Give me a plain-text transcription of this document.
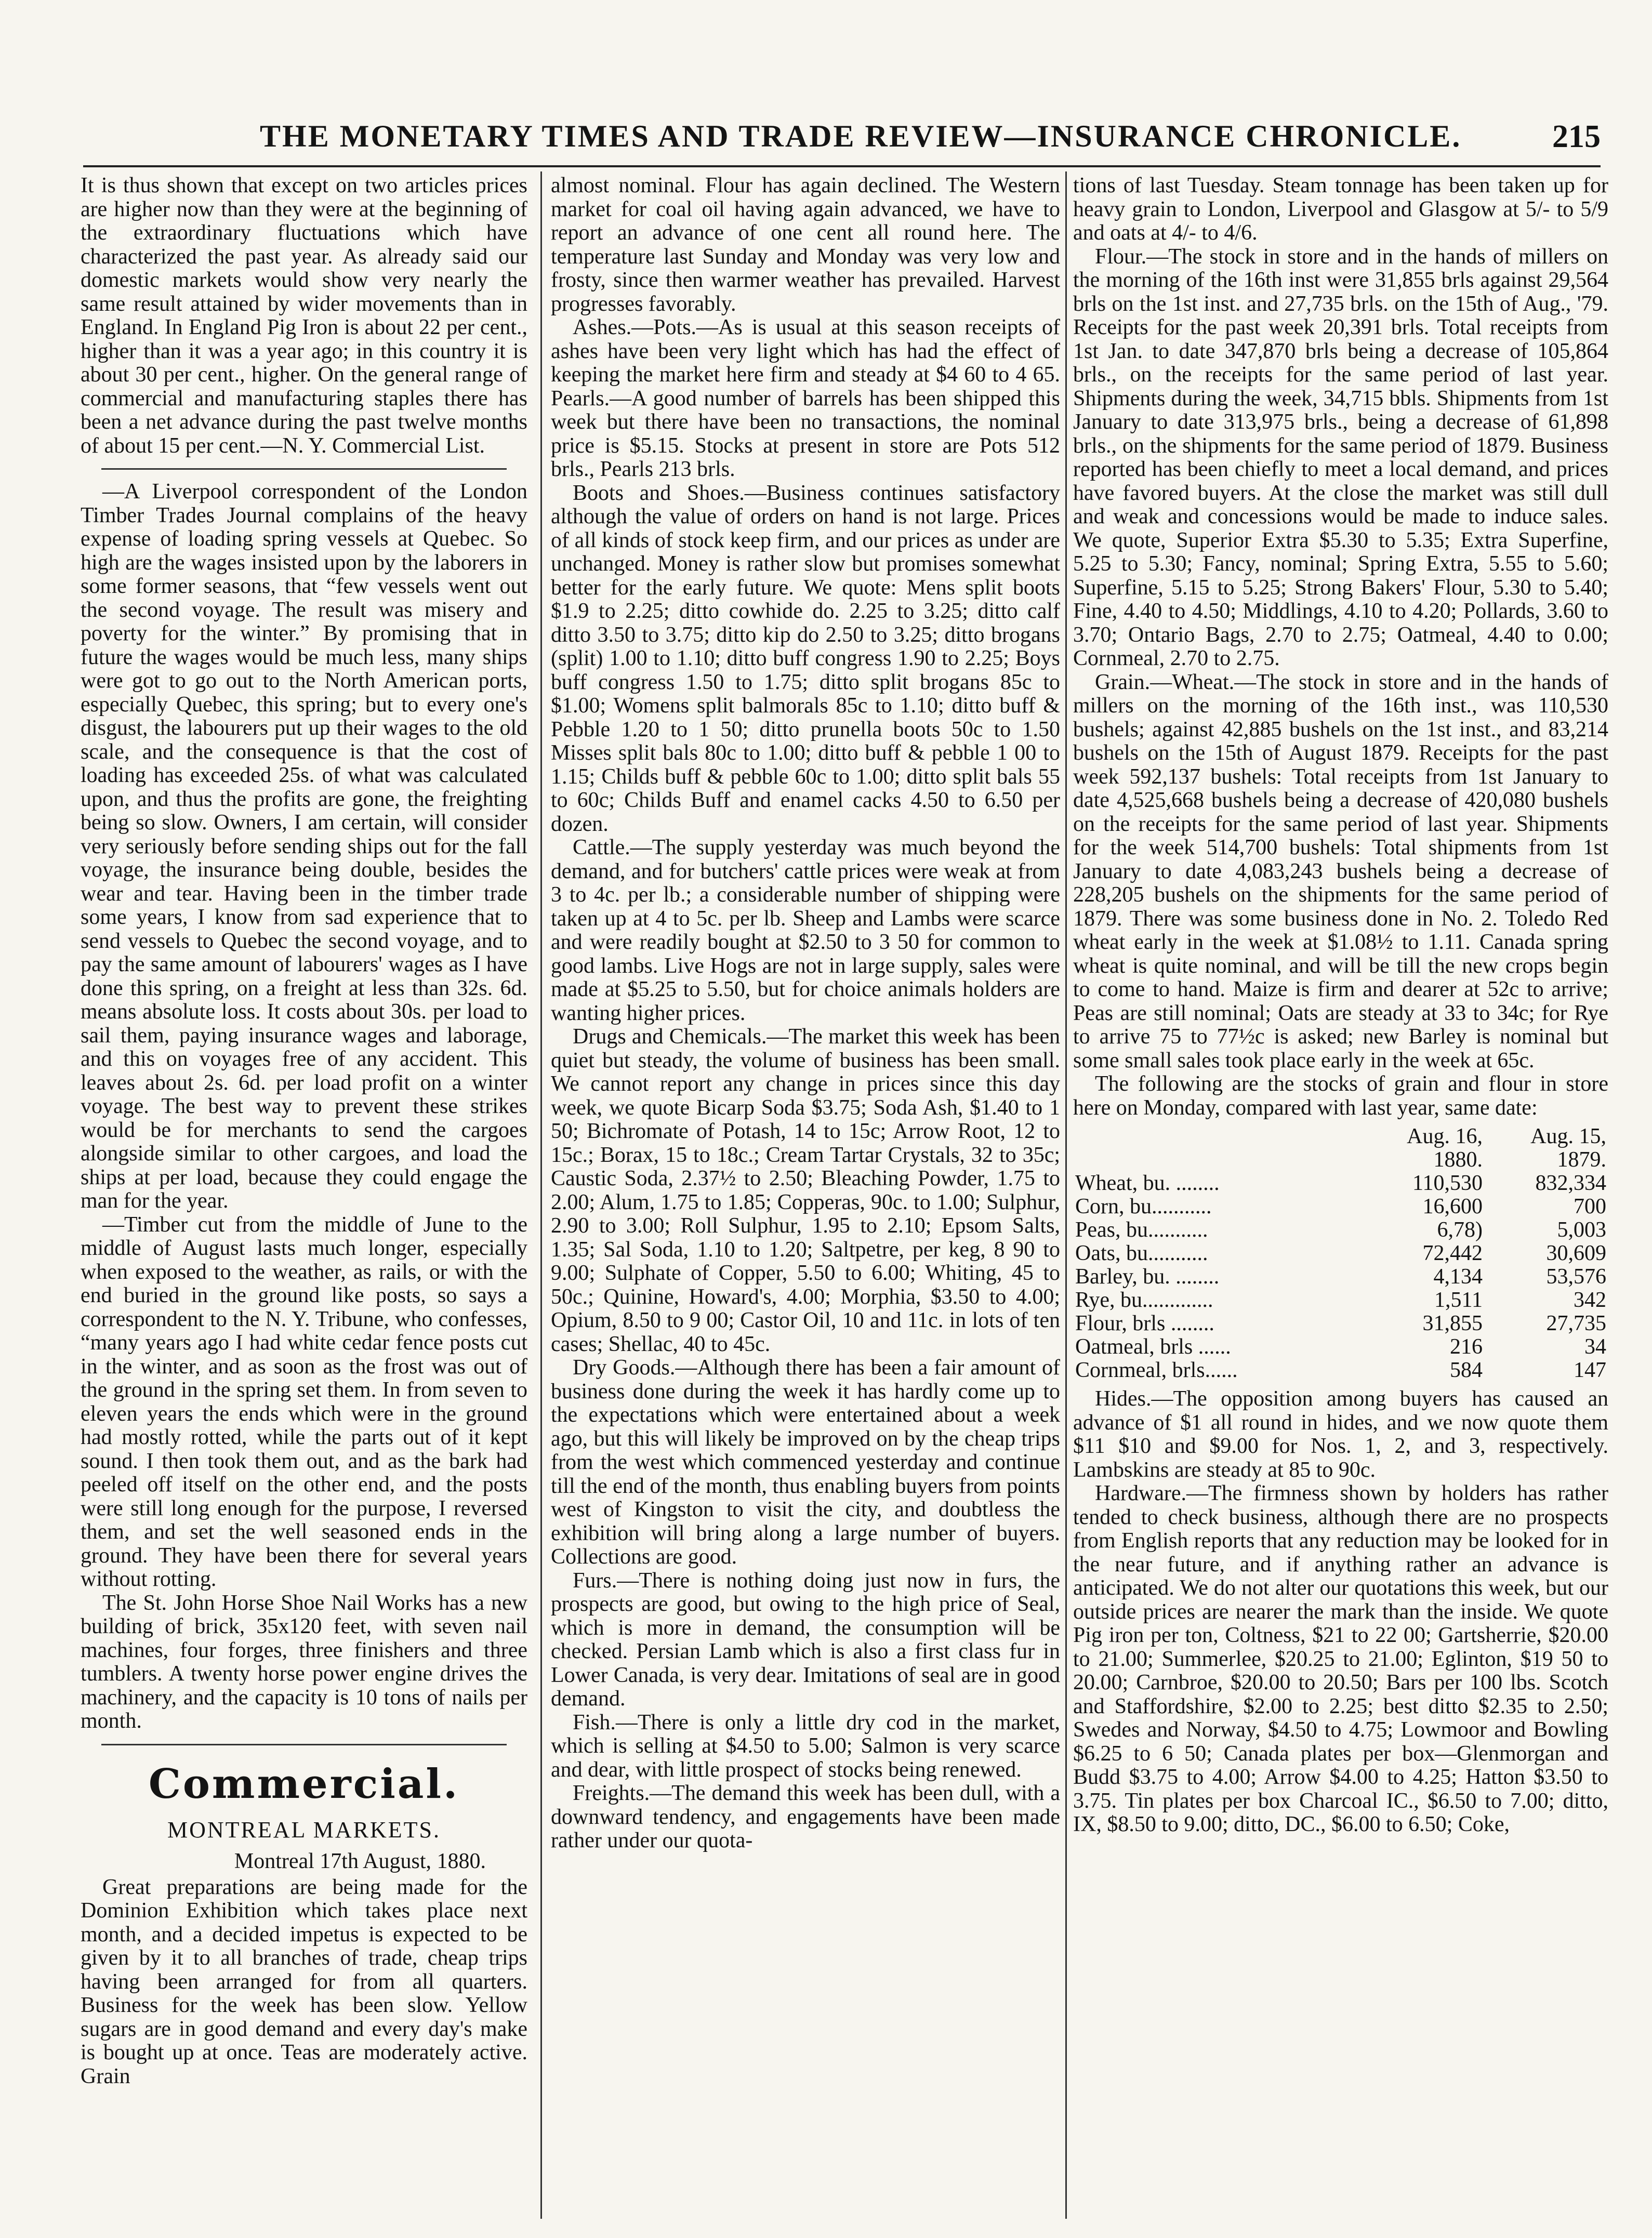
THE MONETARY TIMES AND TRADE REVIEW—INSURANCE CHRONICLE.	215

It is thus shown that except on two articles prices are higher now than they were at the beginning of the extraordinary fluctuations which have characterized the past year. As already said our domestic markets would show very nearly the same result attained by wider movements than in England. In England Pig Iron is about 22 per cent., higher than it was a year ago; in this country it is about 30 per cent., higher. On the general range of commercial and manufacturing staples there has been a net advance during the past twelve months of about 15 per cent.—N. Y. Commercial List.

—A Liverpool correspondent of the London Timber Trades Journal complains of the heavy expense of loading spring vessels at Quebec. So high are the wages insisted upon by the laborers in some former seasons, that “few vessels went out the second voyage. The result was misery and poverty for the winter.” By promising that in future the wages would be much less, many ships were got to go out to the North American ports, especially Quebec, this spring; but to every one's disgust, the labourers put up their wages to the old scale, and the consequence is that the cost of loading has exceeded 25s. of what was calculated upon, and thus the profits are gone, the freighting being so slow. Owners, I am certain, will consider very seriously before sending ships out for the fall voyage, the insurance being double, besides the wear and tear. Having been in the timber trade some years, I know from sad experience that to send vessels to Quebec the second voyage, and to pay the same amount of labourers' wages as I have done this spring, on a freight at less than 32s. 6d. means absolute loss. It costs about 30s. per load to sail them, paying insurance wages and laborage, and this on voyages free of any accident. This leaves about 2s. 6d. per load profit on a winter voyage. The best way to prevent these strikes would be for merchants to send the cargoes alongside similar to other cargoes, and load the ships at per load, because they could engage the man for the year.

—Timber cut from the middle of June to the middle of August lasts much longer, especially when exposed to the weather, as rails, or with the end buried in the ground like posts, so says a correspondent to the N. Y. Tribune, who confesses, “many years ago I had white cedar fence posts cut in the winter, and as soon as the frost was out of the ground in the spring set them. In from seven to eleven years the ends which were in the ground had mostly rotted, while the parts out of it kept sound. I then took them out, and as the bark had peeled off itself on the other end, and the posts were still long enough for the purpose, I reversed them, and set the well seasoned ends in the ground. They have been there for several years without rotting.

The St. John Horse Shoe Nail Works has a new building of brick, 35x120 feet, with seven nail machines, four forges, three finishers and three tumblers. A twenty horse power engine drives the machinery, and the capacity is 10 tons of nails per month.

Commercial.
MONTREAL MARKETS.
Montreal 17th August, 1880.

Great preparations are being made for the Dominion Exhibition which takes place next month, and a decided impetus is expected to be given by it to all branches of trade, cheap trips having been arranged for from all quarters. Business for the week has been slow. Yellow sugars are in good demand and every day's make is bought up at once. Teas are moderately active. Grain

almost nominal. Flour has again declined. The Western market for coal oil having again advanced, we have to report an advance of one cent all round here. The temperature last Sunday and Monday was very low and frosty, since then warmer weather has prevailed. Harvest progresses favorably.

Ashes.—Pots.—As is usual at this season receipts of ashes have been very light which has had the effect of keeping the market here firm and steady at $4 60 to 4 65. Pearls.—A good number of barrels has been shipped this week but there have been no transactions, the nominal price is $5.15. Stocks at present in store are Pots 512 brls., Pearls 213 brls.

Boots and Shoes.—Business continues satisfactory although the value of orders on hand is not large. Prices of all kinds of stock keep firm, and our prices as under are unchanged. Money is rather slow but promises somewhat better for the early future. We quote: Mens split boots $1.9 to 2.25; ditto cowhide do. 2.25 to 3.25; ditto calf ditto 3.50 to 3.75; ditto kip do 2.50 to 3.25; ditto brogans (split) 1.00 to 1.10; ditto buff congress 1.90 to 2.25; Boys buff congress 1.50 to 1.75; ditto split brogans 85c to $1.00; Womens split balmorals 85c to 1.10; ditto buff & Pebble 1.20 to 1 50; ditto prunella boots 50c to 1.50 Misses split bals 80c to 1.00; ditto buff & pebble 1 00 to 1.15; Childs buff & pebble 60c to 1.00; ditto split bals 55 to 60c; Childs Buff and enamel cacks 4.50 to 6.50 per dozen.

Cattle.—The supply yesterday was much beyond the demand, and for butchers' cattle prices were weak at from 3 to 4c. per lb.; a considerable number of shipping were taken up at 4 to 5c. per lb. Sheep and Lambs were scarce and were readily bought at $2.50 to 3 50 for common to good lambs. Live Hogs are not in large supply, sales were made at $5.25 to 5.50, but for choice animals holders are wanting higher prices.

Drugs and Chemicals.—The market this week has been quiet but steady, the volume of business has been small. We cannot report any change in prices since this day week, we quote Bicarp Soda $3.75; Soda Ash, $1.40 to 1 50; Bichromate of Potash, 14 to 15c; Arrow Root, 12 to 15c.; Borax, 15 to 18c.; Cream Tartar Crystals, 32 to 35c; Caustic Soda, 2.37½ to 2.50; Bleaching Powder, 1.75 to 2.00; Alum, 1.75 to 1.85; Copperas, 90c. to 1.00; Sulphur, 2.90 to 3.00; Roll Sulphur, 1.95 to 2.10; Epsom Salts, 1.35; Sal Soda, 1.10 to 1.20; Saltpetre, per keg, 8 90 to 9.00; Sulphate of Copper, 5.50 to 6.00; Whiting, 45 to 50c.; Quinine, Howard's, 4.00; Morphia, $3.50 to 4.00; Opium, 8.50 to 9 00; Castor Oil, 10 and 11c. in lots of ten cases; Shellac, 40 to 45c.

Dry Goods.—Although there has been a fair amount of business done during the week it has hardly come up to the expectations which were entertained about a week ago, but this will likely be improved on by the cheap trips from the west which commenced yesterday and continue till the end of the month, thus enabling buyers from points west of Kingston to visit the city, and doubtless the exhibition will bring along a large number of buyers. Collections are good.

Furs.—There is nothing doing just now in furs, the prospects are good, but owing to the high price of Seal, which is more in demand, the consumption will be checked. Persian Lamb which is also a first class fur in Lower Canada, is very dear. Imitations of seal are in good demand.

Fish.—There is only a little dry cod in the market, which is selling at $4.50 to 5.00; Salmon is very scarce and dear, with little prospect of stocks being renewed.

Freights.—The demand this week has been dull, with a downward tendency, and engagements have been made rather under our quota-

tions of last Tuesday. Steam tonnage has been taken up for heavy grain to London, Liverpool and Glasgow at 5/- to 5/9 and oats at 4/- to 4/6.

Flour.—The stock in store and in the hands of millers on the morning of the 16th inst were 31,855 brls against 29,564 brls on the 1st inst. and 27,735 brls. on the 15th of Aug., '79. Receipts for the past week 20,391 brls. Total receipts from 1st Jan. to date 347,870 brls being a decrease of 105,864 brls., on the receipts for the same period of last year. Shipments during the week, 34,715 bbls. Shipments from 1st January to date 313,975 brls., being a decrease of 61,898 brls., on the shipments for the same period of 1879. Business reported has been chiefly to meet a local demand, and prices have favored buyers. At the close the market was still dull and weak and concessions would be made to induce sales. We quote, Superior Extra $5.30 to 5.35; Extra Superfine, 5.25 to 5.30; Fancy, nominal; Spring Extra, 5.55 to 5.60; Superfine, 5.15 to 5.25; Strong Bakers' Flour, 5.30 to 5.40; Fine, 4.40 to 4.50; Middlings, 4.10 to 4.20; Pollards, 3.60 to 3.70; Ontario Bags, 2.70 to 2.75; Oatmeal, 4.40 to 0.00; Cornmeal, 2.70 to 2.75.

Grain.—Wheat.—The stock in store and in the hands of millers on the morning of the 16th inst., was 110,530 bushels; against 42,885 bushels on the 1st inst., and 83,214 bushels on the 15th of August 1879. Receipts for the past week 592,137 bushels: Total receipts from 1st January to date 4,525,668 bushels being a decrease of 420,080 bushels on the receipts for the same period of last year. Shipments for the week 514,700 bushels: Total shipments from 1st January to date 4,083,243 bushels being a decrease of 228,205 bushels on the shipments for the same period of 1879. There was some business done in No. 2. Toledo Red wheat early in the week at $1.08½ to 1.11. Canada spring wheat is quite nominal, and will be till the new crops begin to come to hand. Maize is firm and dearer at 52c to arrive; Peas are still nominal; Oats are steady at 33 to 34c; for Rye to arrive 75 to 77½c is asked; new Barley is nominal but some small sales took place early in the week at 65c.

The following are the stocks of grain and flour in store here on Monday, compared with last year, same date:

	Aug. 16,	Aug. 15,
	1880.	1879.
Wheat, bu. ........	110,530	832,334
Corn, bu...........	16,600	700
Peas, bu...........	6,78)	5,003
Oats, bu...........	72,442	30,609
Barley, bu. ........	4,134	53,576
Rye, bu.............	1,511	342
Flour, brls ........	31,855	27,735
Oatmeal, brls ......	216	34
Cornmeal, brls......	584	147

Hides.—The opposition among buyers has caused an advance of $1 all round in hides, and we now quote them $11 $10 and $9.00 for Nos. 1, 2, and 3, respectively. Lambskins are steady at 85 to 90c.

Hardware.—The firmness shown by holders has rather tended to check business, although there are no prospects from English reports that any reduction may be looked for in the near future, and if anything rather an advance is anticipated. We do not alter our quotations this week, but our outside prices are nearer the mark than the inside. We quote Pig iron per ton, Coltness, $21 to 22 00; Gartsherrie, $20.00 to 21.00; Summerlee, $20.25 to 21.00; Eglinton, $19 50 to 20.00; Carnbroe, $20.00 to 20.50; Bars per 100 lbs. Scotch and Staffordshire, $2.00 to 2.25; best ditto $2.35 to 2.50; Swedes and Norway, $4.50 to 4.75; Lowmoor and Bowling $6.25 to 6 50; Canada plates per box—Glenmorgan and Budd $3.75 to 4.00; Arrow $4.00 to 4.25; Hatton $3.50 to 3.75. Tin plates per box Charcoal IC., $6.50 to 7.00; ditto, IX, $8.50 to 9.00; ditto, DC., $6.00 to 6.50; Coke,
